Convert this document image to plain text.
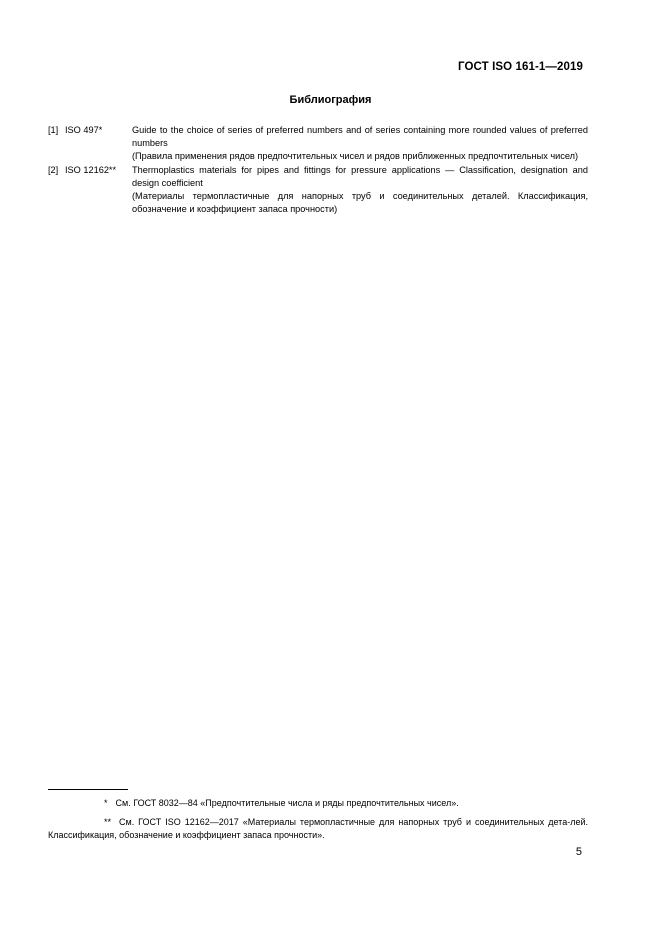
ГОСТ ISO 161-1—2019
Библиография
[1] ISO 497*	Guide to the choice of series of preferred numbers and of series containing more rounded values of preferred numbers
(Правила применения рядов предпочтительных чисел и рядов приближенных предпочтительных чисел)
[2] ISO 12162**	Thermoplastics materials for pipes and fittings for pressure applications — Classification, designation and design coefficient
(Материалы термопластичные для напорных труб и соединительных деталей. Классификация, обозначение и коэффициент запаса прочности)
* См. ГОСТ 8032—84 «Предпочтительные числа и ряды предпочтительных чисел».
** См. ГОСТ ISO 12162—2017 «Материалы термопластичные для напорных труб и соединительных дета-лей. Классификация, обозначение и коэффициент запаса прочности».
5
